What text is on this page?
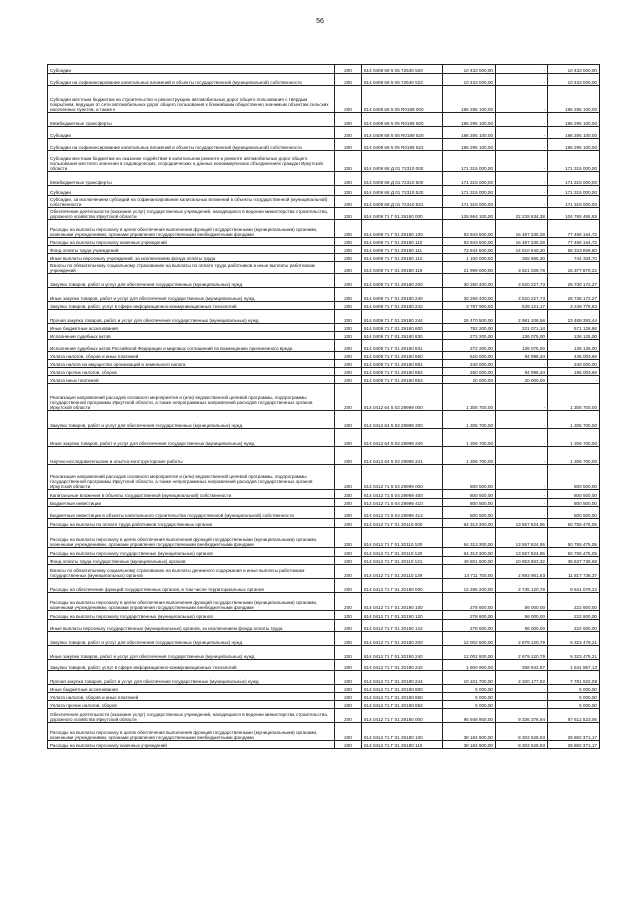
56
Субсидии	200	814 0409 68 5 05 72540 520	10 433 000,00	-	10 433 000,00
Субсидии на софинансирование капитальных вложений в объекты государственной (муниципальной) собственности	200	814 0409 68 5 05 72540 522	10 433 000,00	-	10 433 000,00
Субсидии местным бюджетам на строительство и реконструкцию автомобильных дорог общего пользования с твердым покрытием, ведущих от сети автомобильных дорог общего пользования к ближайшим общественно значимым объектам сельских населенных пунктов, а также к	200	814 0409 68 5 05 R0189 000	196 295 100,00	-	196 295 100,00
Межбюджетные трансферты	200	814 0409 68 5 05 R0189 500	196 295 100,00	-	196 295 100,00
Субсидии	200	814 0409 68 5 05 R0189 520	196 295 100,00	-	196 295 100,00
Субсидии на софинансирование капитальных вложений в объекты государственной (муниципальной) собственности	200	814 0409 68 5 05 R0189 522	196 295 100,00	-	196 295 100,00
Субсидии местным бюджетам на оказание содействия в капитальном ремонте и ремонте автомобильных дорог общего пользования местного значения в садоводческих, огороднических и данных некоммерческих объединениях граждан Иркутской области	200	814 0409 68 Д 01 72310 000	171 315 000,00	-	171 315 000,00
Межбюджетные трансферты	200	814 0409 68 Д 01 72310 500	171 315 000,00	-	171 315 000,00
Субсидии	200	814 0409 68 Д 01 72310 520	171 315 000,00	-	171 315 000,00
Субсидии, за исключением субсидий на софинансирование капитальных вложений в объекты государственной (муниципальной) собственности	200	814 0409 68 Д 01 72310 521	171 315 000,00	-	171 315 000,00
Обеспечение деятельности (оказание услуг) государственных учреждений, находящихся в ведении министерства строительства, дорожного хозяйства Иркутской области	200	814 0409 71 Г 01 29180 000	128 664 100,00	22 228 634,38	104 765 465,65
Расходы на выплаты персоналу в целях обеспечения выполнения функций государственными (муниципальными) органами, казенными учреждениями, органами управления государственными внебюджетными фондами	200	814 0409 71 Г 01 29180 100	93 943 500,00	16 487 335,28	77 456 164,72
Расходы на выплаты персоналу казенных учреждений	200	814 0409 71 Г 01 29180 110	93 943 500,00	16 487 335,28	77 456 164,72
Фонд оплаты труда учреждений	200	814 0409 71 Г 01 29180 111	72 844 500,00	14 510 640,20	58 333 859,80
Иные выплаты персоналу учреждений, за исключением фонда оплаты труда	200	814 0409 71 Г 01 29180 112	1 100 000,00	355 665,30	744 334,70
Взносы по обязательному социальному страхованию на выплаты по оплате труда работников и иные выплаты работникам учреждений	200	814 0409 71 Г 01 29180 119	21 999 000,00	3 621 029,78	15 377 970,22
Закупка товаров, работ и услуг для обеспечения государственных (муниципальных) нужд	200	814 0409 71 Г 01 29180 200	30 250 400,00	3 520 227,73	26 730 172,27
Иные закупки товаров, работ и услуг для обеспечения государственных (муниципальных) нужд	200	814 0409 71 Г 01 29180 240	30 258 400,00	3 520 227,73	26 738 172,27
Закупка товаров, работ, услуг в сфере информационно-коммуникационных технологий	200	814 0409 71 Г 01 29180 242	3 787 900,00	539 121,17	3 248 778,83
Прочая закупка товаров, работ и услуг для обеспечения государственных (муниципальных) нужд	200	814 0409 71 Г 01 29180 244	26 470 500,00	2 981 106,56	23 489 393,44
Иные бюджетные ассигнования	200	814 0409 71 Г 01 29180 800	792 200,00	221 071,14	571 128,86
Исполнение судебных актов	200	814 0409 71 Г 01 29180 830	272 200,00	136 075,00	136 125,00
Исполнение судебных актов Российской Федерации и мировых соглашений по возмещению причиненного вреда	200	814 0409 71 Г 01 29180 831	272 200,00	136 075,00	136 125,00
Уплата налогов, сборов и иных платежей	200	814 0409 71 Г 01 29180 850	520 000,00	84 996,34	435 003,66
Уплата налога на имущество организаций и земельного налога	200	814 0409 71 Г 01 29180 851	240 000,00	-	240 000,00
Уплата прочих налогов, сборов	200	814 0409 71 Г 01 29180 852	260 000,00	84 996,34	195 003,66
Уплата иных платежей	200	814 0409 71 Г 01 29180 853	20 000,00	20 000,00	-
Реализация направлений расходов основного мероприятия и (или) ведомственной целевой программы, подпрограммы государственной программы Иркутской области, а также непрограммных направлений расходов государственных органов Иркутской области	200	814 0412 64 5 02 29999 000	1 306 700,00	-	1 306 700,00
Закупка товаров, работ и услуг для обеспечения государственных (муниципальных) нужд	200	814 0412 64 5 02 29999 200	1 306 700,00	-	1 306 700,00
Иные закупки товаров, работ и услуг для обеспечения государственных (муниципальных) нужд	200	814 0412 64 5 02 29999 240	1 306 700,00	-	1 306 700,00
Научно-исследовательские и опытно-конструкторские работы	200	814 0412 64 5 02 29999 241	1 306 700,00	-	1 306 700,00
Реализация направлений расходов основного мероприятия и (или) ведомственной целевой программы, подпрограммы государственной программы Иркутской области, а также непрограммных направлений расходов государственных органов Иркутской области	200	814 0412 71 5 04 29999 000	800 500,00	-	800 500,00
Капитальные вложения в объекты государственной (муниципальной) собственности	200	814 0412 71 5 04 29999 400	800 500,00	-	800 500,00
Бюджетные инвестиции	200	814 0412 71 5 04 29999 410	800 500,00	-	800 500,00
Бюджетные инвестиции в объекты капитального строительства государственной (муниципальной) собственности	200	814 0412 71 5 04 29999 414	800 500,00	-	800 500,00
Расходы на выплаты по оплате труда работников государственных органов	200	814 0412 71 Г 01 20110 000	64 313 300,00	13 557 824,95	50 755 475,05
Расходы на выплаты персоналу в целях обеспечения выполнения функций государственными (муниципальными) органами, казенными учреждениями, органами управления государственными внебюджетными фондами	200	814 0412 71 Г 01 20110 100	64 313 300,00	13 557 824,95	50 755 475,05
Расходы на выплаты персоналу государственных (муниципальных) органов	200	814 0412 71 Г 01 20110 120	64 313 300,00	13 557 824,95	50 755 475,05
Фонд оплаты труда государственных (муниципальных) органов	200	814 0412 71 Г 01 20110 121	49 501 600,00	10 863 863,32	38 637 736,68
Взносы по обязательному социальному страхованию на выплаты денежного содержания и иные выплаты работникам государственных (муниципальных) органов	200	814 0412 71 Г 01 20110 129	14 711 700,00	2 893 961,63	11 817 738,37
Расходы на обеспечение функций государственных органов, в том числе территориальных органов	200	814 0412 71 Г 01 20190 000	12 286 200,00	2 735 120,78	9 541 079,22
Расходы на выплаты персоналу в целях обеспечения выполнения функций государственными (муниципальными) органами, казенными учреждениями, органами управления государственными внебюджетными фондами	200	814 0412 71 Г 01 20190 100	278 600,00	56 000,00	222 600,00
Расходы на выплаты персоналу государственных (муниципальных) органов	200	814 0412 71 Г 01 20190 120	278 600,00	56 000,00	222 600,00
Иные выплаты персоналу государственных (муниципальных) органов, за исключением фонда оплаты труда	200	814 0412 71 Г 01 20190 122	278 600,00	56 000,00	222 600,00
Закупка товаров, работ и услуг для обеспечения государственных (муниципальных) нужд	200	814 0412 71 Г 01 20190 200	12 002 600,00	2 679 120,79	9 323 479,21
Иные закупки товаров, работ и услуг для обеспечения государственных (муниципальных) нужд	200	814 0412 71 Г 01 20190 240	12 002 600,00	2 679 120,79	9 323 479,21
Закупка товаров, работ, услуг в сфере информационно-коммуникационных технологий	200	814 0412 71 Г 01 20190 242	1 900 900,00	358 942,87	1 541 957,13
Прочая закупка товаров, работ и услуг для обеспечения государственных (муниципальных) нужд	200	814 0412 71 Г 01 20190 244	10 101 700,00	2 320 177,92	7 781 522,08
Иные бюджетные ассигнования	200	814 0412 71 Г 01 20190 800	5 000,00	-	5 000,00
Уплата налогов, сборов и иных платежей	200	814 0412 71 Г 01 20190 850	5 000,00	-	5 000,00
Уплата прочих налогов, сборов	200	814 0412 71 Г 01 20190 852	5 000,00	-	5 000,00
Обеспечение деятельности (оказание услуг) государственных учреждений, находящихся в ведении министерства строительства, дорожного хозяйства Иркутской области	200	814 0412 71 Г 01 29180 000	96 948 900,00	9 336 376,94	87 612 523,06
Расходы на выплаты персоналу в целях обеспечения выполнения функций государственными (муниципальными) органами, казенными учреждениями, органами управления государственными внебюджетными фондами	200	814 0412 71 Г 01 29180 100	38 184 900,00	8 302 528,83	29 882 371,17
Расходы на выплаты персоналу казенных учреждений	200	814 0412 71 Г 01 29180 110	38 184 900,00	8 302 528,83	29 882 371,17
